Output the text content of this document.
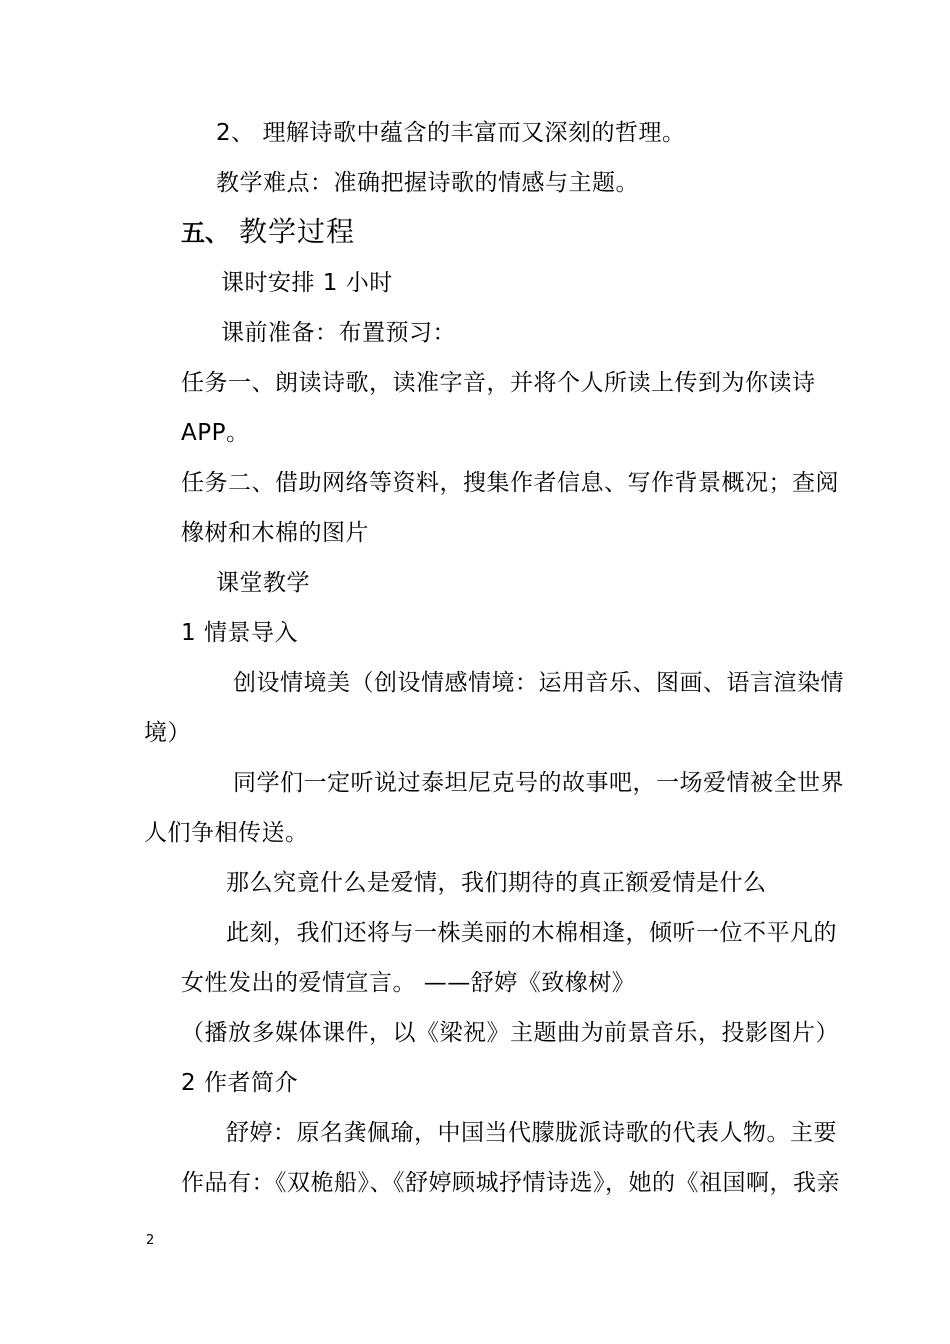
2、 理解诗歌中蕴含的丰富而又深刻的哲理。
教学难点：准确把握诗歌的情感与主题。
五、 教学过程
课时安排 1 小时
课前准备：布置预习：
任务一、朗读诗歌，读准字音，并将个人所读上传到为你读诗
APP。
任务二、借助网络等资料，搜集作者信息、写作背景概况；查阅
橡树和木棉的图片
课堂教学
1 情景导入
创设情境美（创设情感情境：运用音乐、图画、语言渲染情
境）
同学们一定听说过泰坦尼克号的故事吧，一场爱情被全世界
人们争相传送。
那么究竟什么是爱情，我们期待的真正额爱情是什么
此刻，我们还将与一株美丽的木棉相逢，倾听一位不平凡的
女性发出的爱情宣言。 ——舒婷《致橡树》
（播放多媒体课件，以《梁祝》主题曲为前景音乐，投影图片）
2 作者简介
舒婷：原名龚佩瑜，中国当代朦胧派诗歌的代表人物。主要
作品有：《双桅船》、《舒婷顾城抒情诗选》，她的《祖国啊，我亲
2
